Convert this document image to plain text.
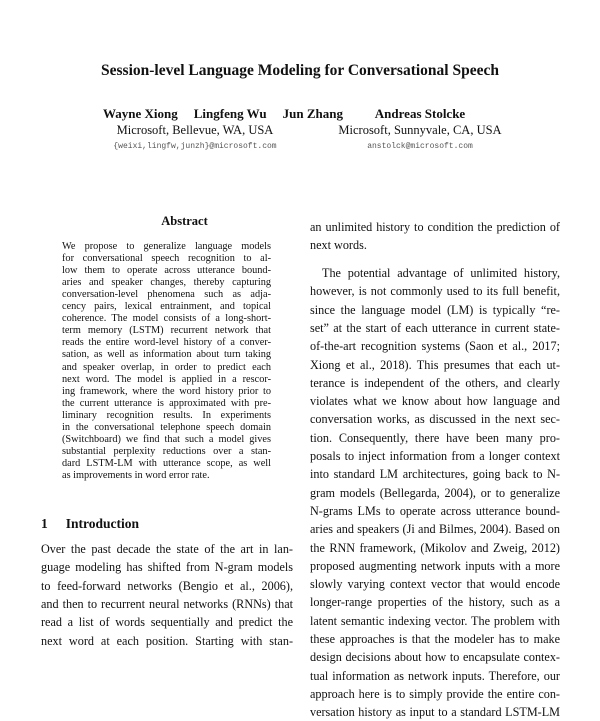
Session-level Language Modeling for Conversational Speech
Wayne Xiong Lingfeng Wu Jun Zhang
Microsoft, Bellevue, WA, USA
{weixi,lingfw,junzh}@microsoft.com
Andreas Stolcke
Microsoft, Sunnyvale, CA, USA
anstolck@microsoft.com
Abstract
We propose to generalize language models
for conversational speech recognition to al-
low them to operate across utterance bound-
aries and speaker changes, thereby capturing
conversation-level phenomena such as adja-
cency pairs, lexical entrainment, and topical
coherence. The model consists of a long-short-
term memory (LSTM) recurrent network that
reads the entire word-level history of a conver-
sation, as well as information about turn taking
and speaker overlap, in order to predict each
next word. The model is applied in a rescor-
ing framework, where the word history prior to
the current utterance is approximated with pre-
liminary recognition results. In experiments
in the conversational telephone speech domain
(Switchboard) we find that such a model gives
substantial perplexity reductions over a stan-
dard LSTM-LM with utterance scope, as well
as improvements in word error rate.
1 Introduction
Over the past decade the state of the art in lan-
guage modeling has shifted from N-gram models
to feed-forward networks (Bengio et al., 2006),
and then to recurrent neural networks (RNNs) that
read a list of words sequentially and predict the
next word at each position. Starting with stan-
an unlimited history to condition the prediction of
next words.
The potential advantage of unlimited history,
however, is not commonly used to its full benefit,
since the language model (LM) is typically “re-
set” at the start of each utterance in current state-
of-the-art recognition systems (Saon et al., 2017;
Xiong et al., 2018). This presumes that each ut-
terance is independent of the others, and clearly
violates what we know about how language and
conversation works, as discussed in the next sec-
tion. Consequently, there have been many pro-
posals to inject information from a longer context
into standard LM architectures, going back to N-
gram models (Bellegarda, 2004), or to generalize
N-grams LMs to operate across utterance bound-
aries and speakers (Ji and Bilmes, 2004). Based on
the RNN framework, (Mikolov and Zweig, 2012)
proposed augmenting network inputs with a more
slowly varying context vector that would encode
longer-range properties of the history, such as a
latent semantic indexing vector. The problem with
these approaches is that the modeler has to make
design decisions about how to encapsulate contex-
tual information as network inputs. Therefore, our
approach here is to simply provide the entire con-
versation history as input to a standard LSTM-LM
